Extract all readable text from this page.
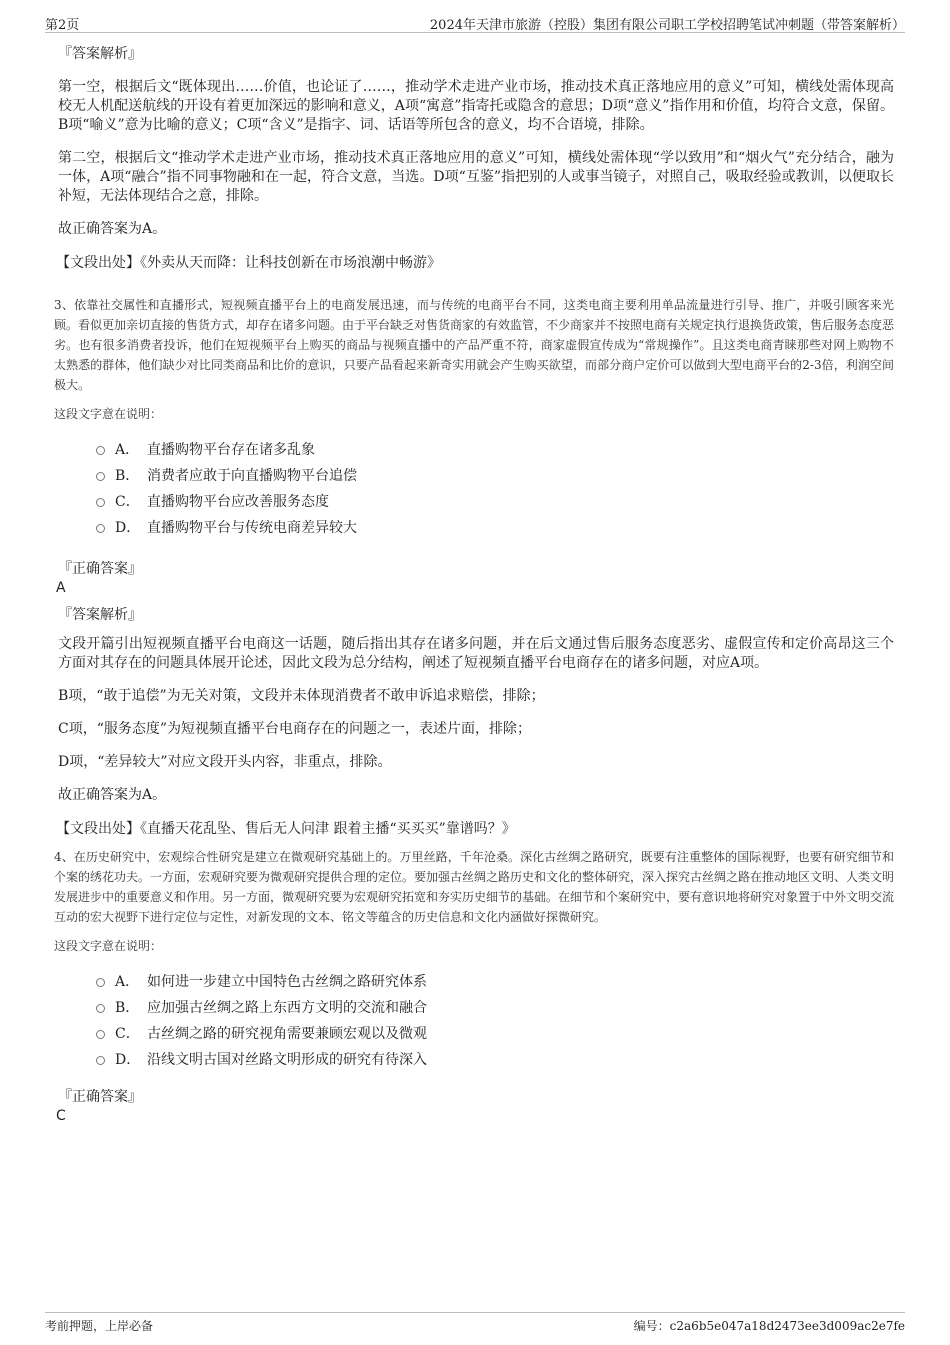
第2页	2024年天津市旅游（控股）集团有限公司职工学校招聘笔试冲刺题（带答案解析）

『答案解析』

第一空，根据后文“既体现出……价值，也论证了……，推动学术走进产业市场，推动技术真正落地应用的意义”可知，横线处需体现高校无人机配送航线的开设有着更加深远的影响和意义，A项“寓意”指寄托或隐含的意思；D项“意义”指作用和价值，均符合文意，保留。B项“喻义”意为比喻的意义；C项“含义”是指字、词、话语等所包含的意义，均不合语境，排除。

第二空，根据后文“推动学术走进产业市场，推动技术真正落地应用的意义”可知，横线处需体现“学以致用”和“烟火气”充分结合，融为一体，A项“融合”指不同事物融和在一起，符合文意，当选。D项“互鉴”指把别的人或事当镜子，对照自己，吸取经验或教训，以便取长补短，无法体现结合之意，排除。

故正确答案为A。

【文段出处】《外卖从天而降：让科技创新在市场浪潮中畅游》

3、依靠社交属性和直播形式，短视频直播平台上的电商发展迅速，而与传统的电商平台不同，这类电商主要利用单品流量进行引导、推广，并吸引顾客来光顾。看似更加亲切直接的售货方式，却存在诸多问题。由于平台缺乏对售货商家的有效监管，不少商家并不按照电商有关规定执行退换货政策，售后服务态度恶劣。也有很多消费者投诉，他们在短视频平台上购买的商品与视频直播中的产品严重不符，商家虚假宣传成为“常规操作”。且这类电商青睐那些对网上购物不太熟悉的群体，他们缺少对比同类商品和比价的意识，只要产品看起来新奇实用就会产生购买欲望，而部分商户定价可以做到大型电商平台的2-3倍，利润空间极大。

这段文字意在说明：

A． 直播购物平台存在诸多乱象
B． 消费者应敢于向直播购物平台追偿
C． 直播购物平台应改善服务态度
D． 直播购物平台与传统电商差异较大

『正确答案』

A

『答案解析』

文段开篇引出短视频直播平台电商这一话题，随后指出其存在诸多问题，并在后文通过售后服务态度恶劣、虚假宣传和定价高昂这三个方面对其存在的问题具体展开论述，因此文段为总分结构，阐述了短视频直播平台电商存在的诸多问题，对应A项。

B项，“敢于追偿”为无关对策，文段并未体现消费者不敢申诉追求赔偿，排除；

C项，“服务态度”为短视频直播平台电商存在的问题之一，表述片面，排除；

D项，“差异较大”对应文段开头内容，非重点，排除。

故正确答案为A。

【文段出处】《直播天花乱坠、售后无人问津 跟着主播“买买买”靠谱吗？》

4、在历史研究中，宏观综合性研究是建立在微观研究基础上的。万里丝路，千年沧桑。深化古丝绸之路研究，既要有注重整体的国际视野，也要有研究细节和个案的绣花功夫。一方面，宏观研究要为微观研究提供合理的定位。要加强古丝绸之路历史和文化的整体研究，深入探究古丝绸之路在推动地区文明、人类文明发展进步中的重要意义和作用。另一方面，微观研究要为宏观研究拓宽和夯实历史细节的基础。在细节和个案研究中，要有意识地将研究对象置于中外文明交流互动的宏大视野下进行定位与定性，对新发现的文本、铭文等蕴含的历史信息和文化内涵做好探微研究。

这段文字意在说明：

A． 如何进一步建立中国特色古丝绸之路研究体系
B． 应加强古丝绸之路上东西方文明的交流和融合
C． 古丝绸之路的研究视角需要兼顾宏观以及微观
D． 沿线文明古国对丝路文明形成的研究有待深入

『正确答案』

C

考前押题，上岸必备	编号：c2a6b5e047a18d2473ee3d009ac2e7fe
